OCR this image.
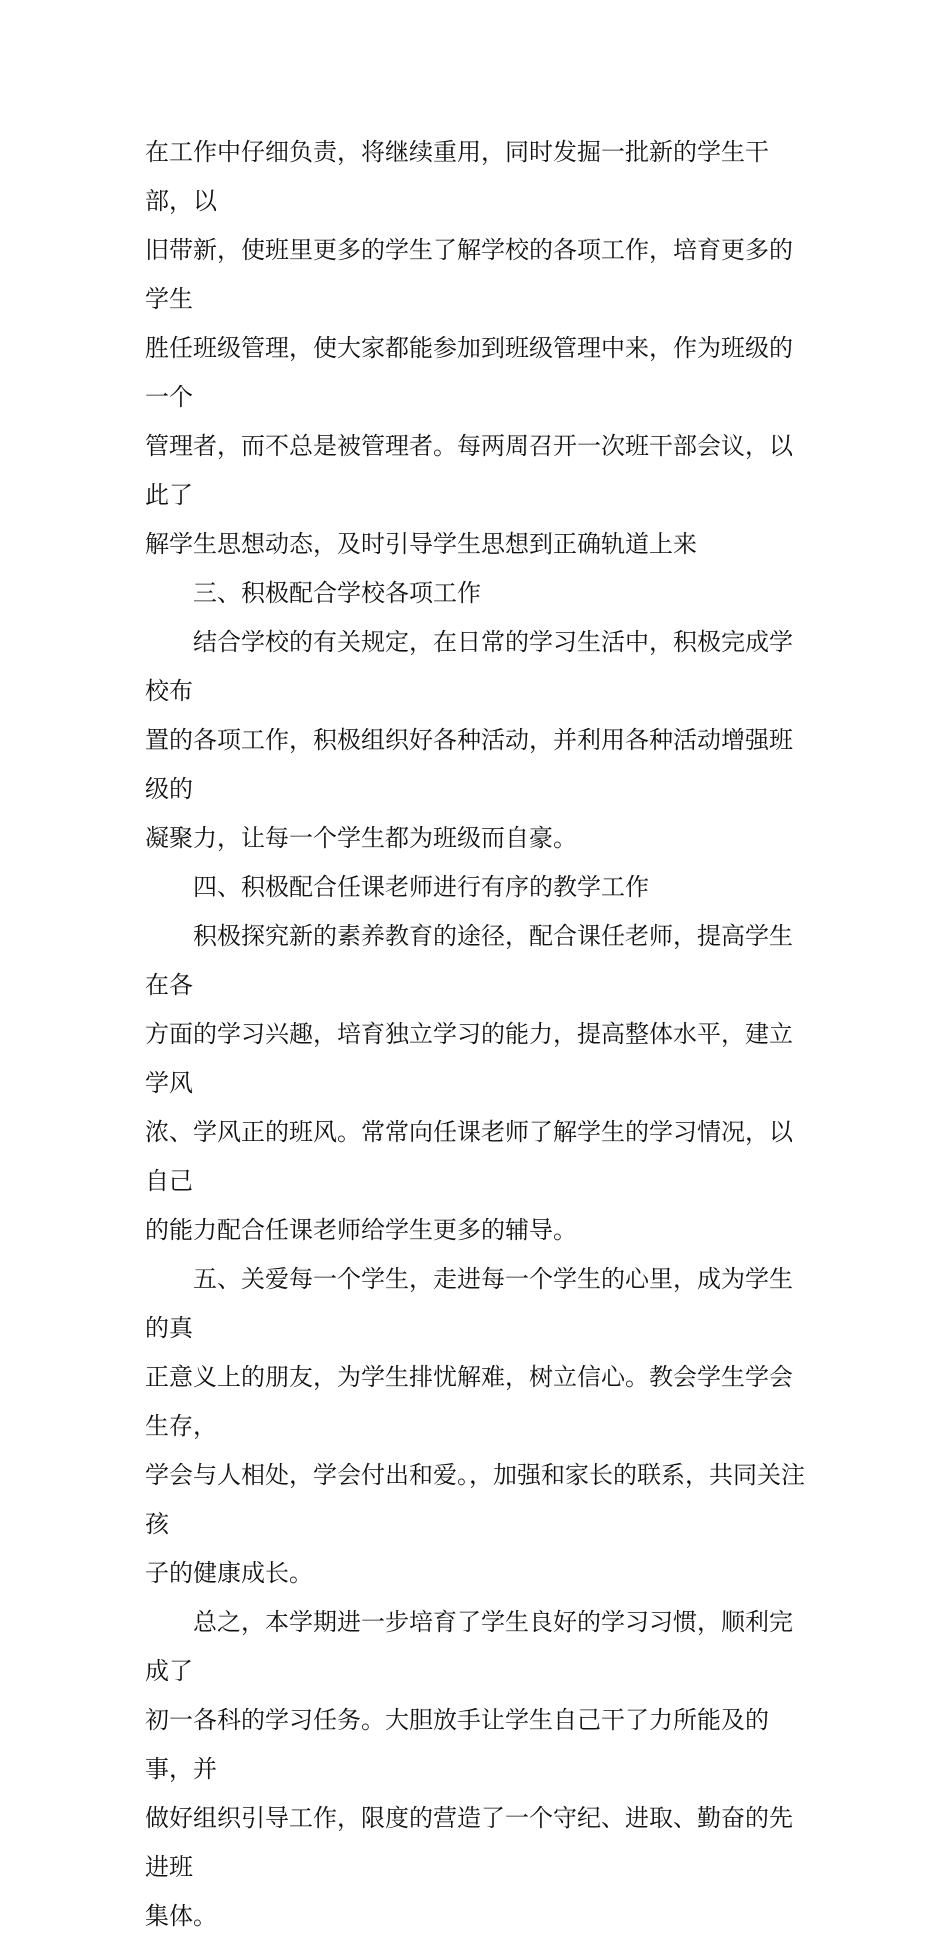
在工作中仔细负责，将继续重用，同时发掘一批新的学生干部，以
旧带新，使班里更多的学生了解学校的各项工作，培育更多的学生
胜任班级管理，使大家都能参加到班级管理中来，作为班级的一个
管理者，而不总是被管理者。每两周召开一次班干部会议，以此了
解学生思想动态，及时引导学生思想到正确轨道上来

三、积极配合学校各项工作

结合学校的有关规定，在日常的学习生活中，积极完成学校布
置的各项工作，积极组织好各种活动，并利用各种活动增强班级的
凝聚力，让每一个学生都为班级而自豪。

四、积极配合任课老师进行有序的教学工作

积极探究新的素养教育的途径，配合课任老师，提高学生在各
方面的学习兴趣，培育独立学习的能力，提高整体水平，建立学风
浓、学风正的班风。常常向任课老师了解学生的学习情况，以自己
的能力配合任课老师给学生更多的辅导。

五、关爱每一个学生，走进每一个学生的心里，成为学生的真
正意义上的朋友，为学生排忧解难，树立信心。教会学生学会生存，
学会与人相处，学会付出和爱。，加强和家长的联系，共同关注孩
子的健康成长。

总之，本学期进一步培育了学生良好的学习习惯，顺利完成了
初一各科的学习任务。大胆放手让学生自己干了力所能及的事，并
做好组织引导工作，限度的营造了一个守纪、进取、勤奋的先进班
集体。
